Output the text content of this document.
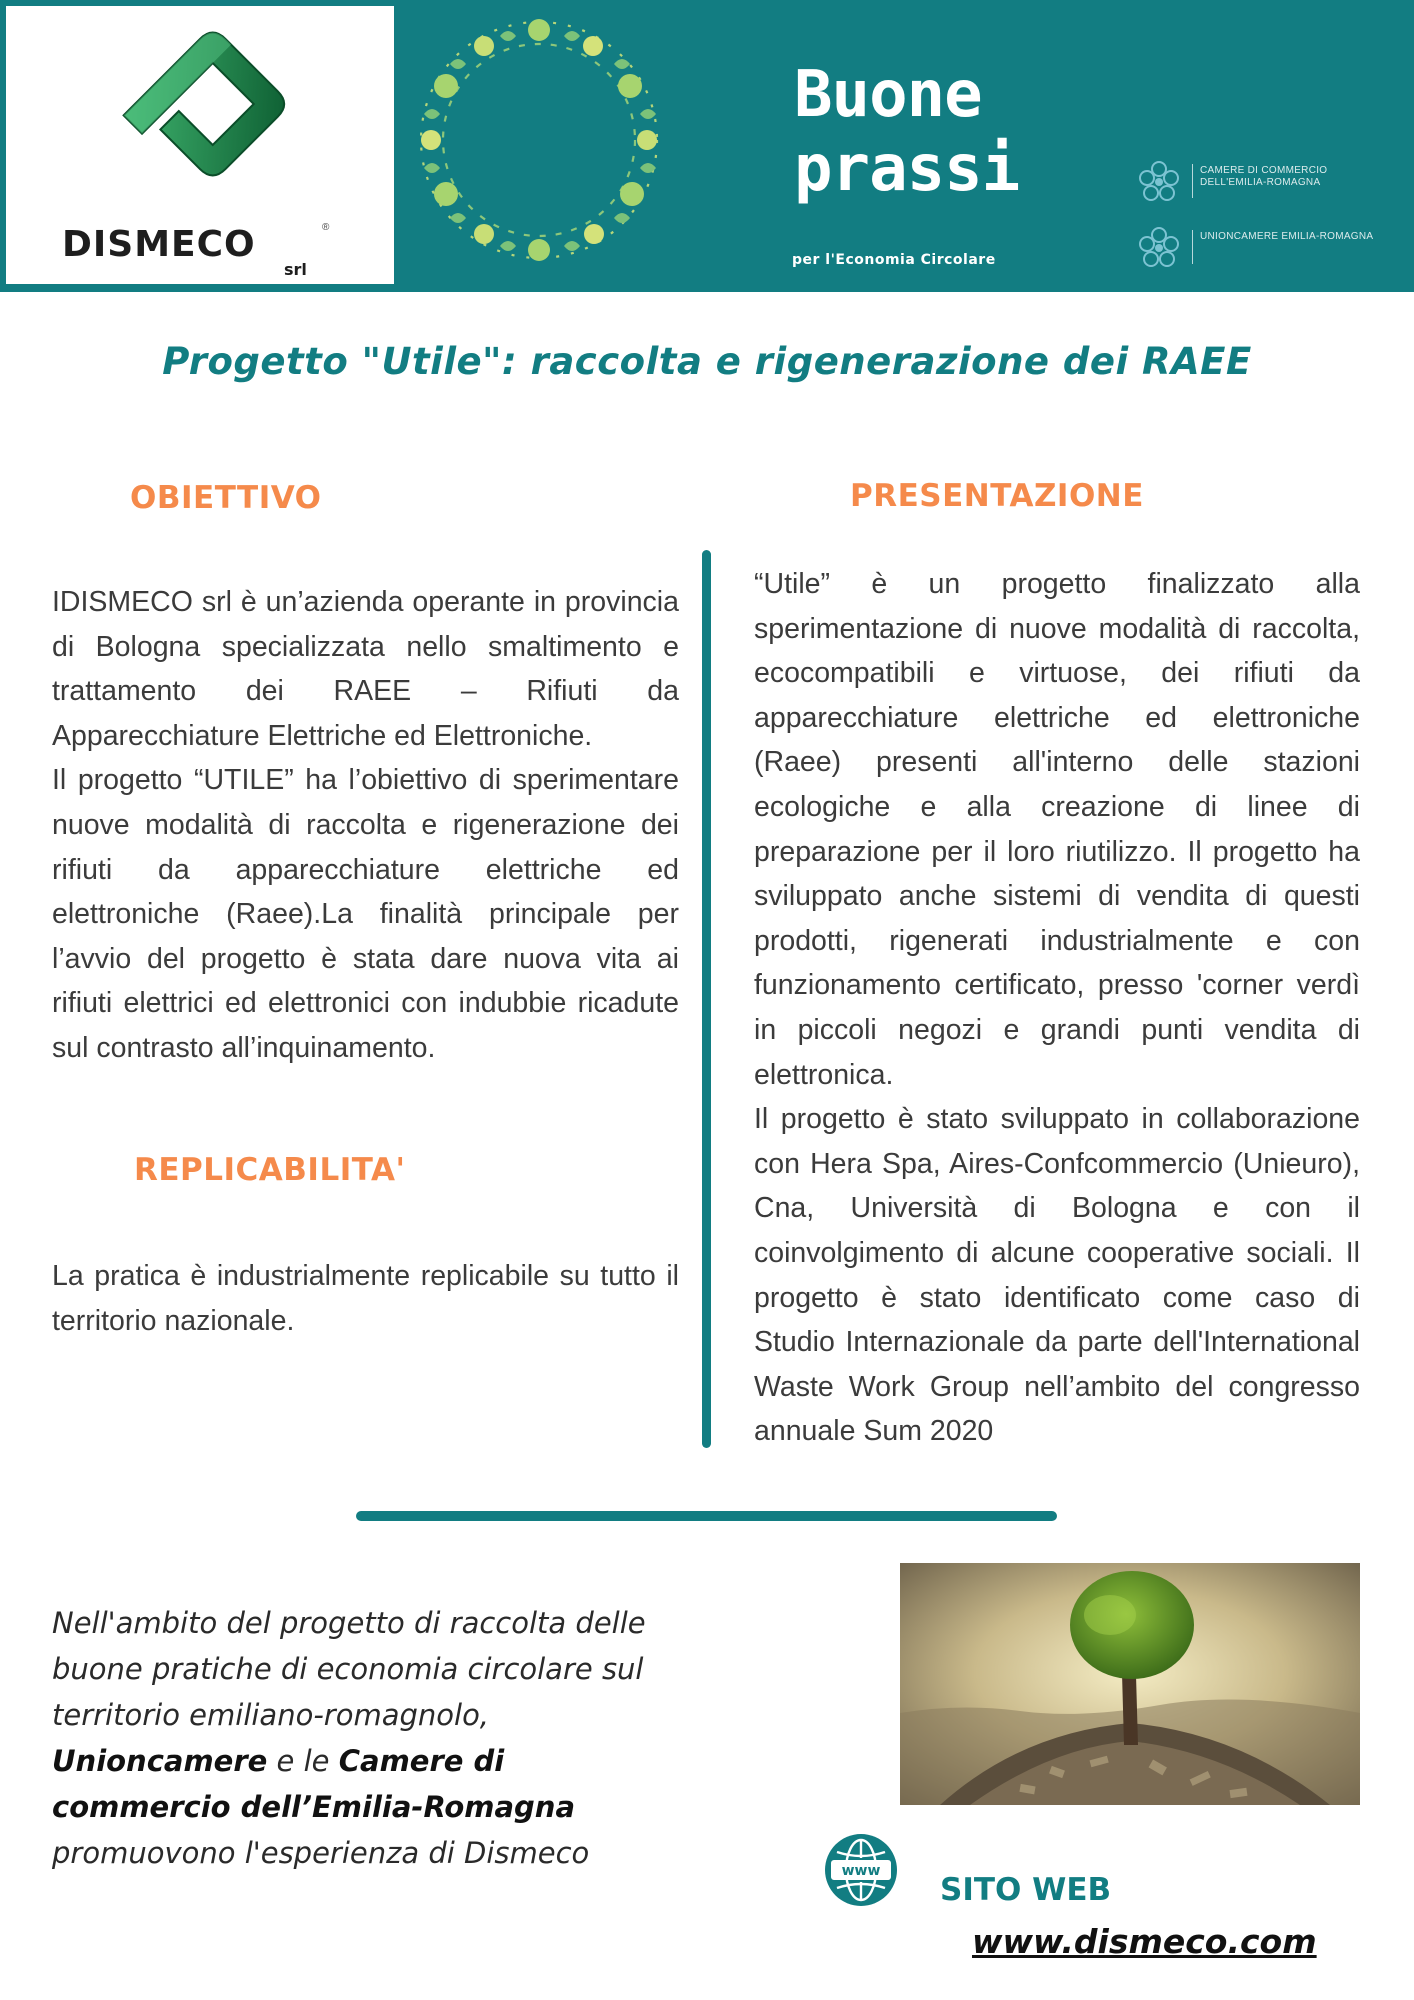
DISMECO	®
srl
Buone prassi
per l'Economia Circolare
CAMERE DI COMMERCIO DELL'EMILIA-ROMAGNA
UNIONCAMERE EMILIA-ROMAGNA
Progetto "Utile": raccolta e rigenerazione dei RAEE
OBIETTIVO

IDISMECO srl è un’azienda operante in provincia di Bologna specializzata nello smaltimento e trattamento dei RAEE – Rifiuti da Apparecchiature Elettriche ed Elettroniche.

Il progetto “UTILE” ha l’obiettivo di sperimentare nuove modalità di raccolta e rigenerazione dei rifiuti da apparecchiature elettriche ed elettroniche (Raee).La finalità principale per l’avvio del progetto è stata dare nuova vita ai rifiuti elettrici ed elettronici con indubbie ricadute sul contrasto all’inquinamento.

REPLICABILITA'

La pratica è industrialmente replicabile su tutto il territorio nazionale.

PRESENTAZIONE

“Utile” è un progetto finalizzato alla sperimentazione di nuove modalità di raccolta, ecocompatibili e virtuose, dei rifiuti da apparecchiature elettriche ed elettroniche (Raee) presenti all'interno delle stazioni ecologiche e alla creazione di linee di preparazione per il loro riutilizzo. Il progetto ha sviluppato anche sistemi di vendita di questi prodotti, rigenerati industrialmente e con funzionamento certificato, presso 'corner verdì in piccoli negozi e grandi punti vendita di elettronica.

Il progetto è stato sviluppato in collaborazione con Hera Spa, Aires-Confcommercio (Unieuro), Cna, Università di Bologna e con il coinvolgimento di alcune cooperative sociali. Il progetto è stato identificato come caso di Studio Internazionale da parte dell'International Waste Work Group nell’ambito del congresso annuale Sum 2020

Nell'ambito del progetto di raccolta delle buone pratiche di economia circolare sul territorio emiliano-romagnolo,
Unioncamere e le Camere di commercio dell’Emilia-Romagna promuovono l'esperienza di Dismeco
www
SITO WEB
www.dismeco.com
